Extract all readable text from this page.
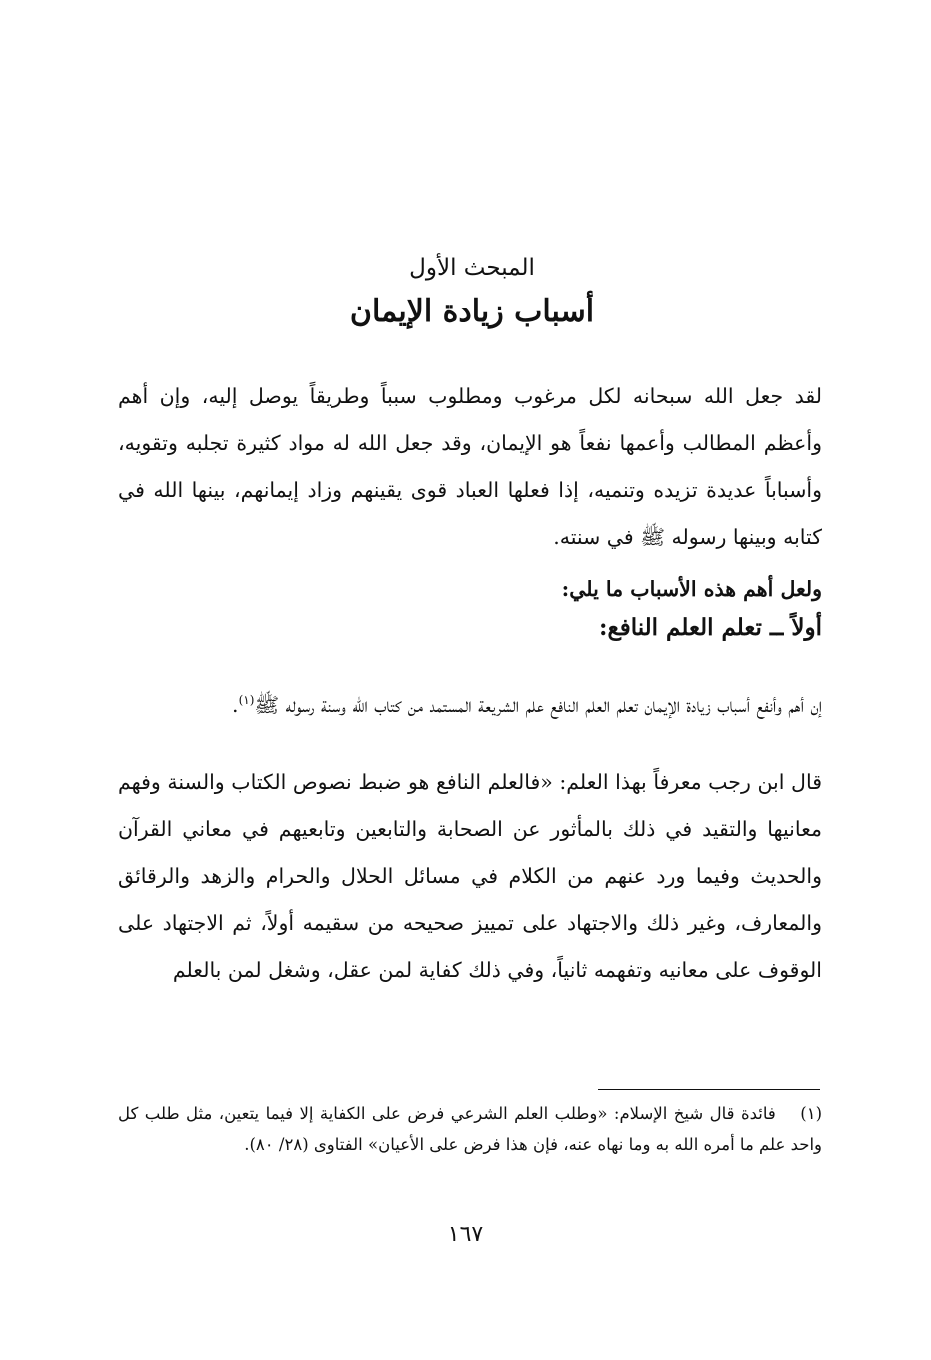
المبحث الأول
أسباب زيادة الإيمان

لقد جعل الله سبحانه لكل مرغوب ومطلوب سبباً وطريقاً يوصل إليه، وإن أهم وأعظم المطالب وأعمها نفعاً هو الإيمان، وقد جعل الله له مواد كثيرة تجلبه وتقويه، وأسباباً عديدة تزيده وتنميه، إذا فعلها العباد قوى يقينهم وزاد إيمانهم، بينها الله في كتابه وبينها رسوله ﷺ في سنته.

ولعل أهم هذه الأسباب ما يلي:

أولاً ــ تعلم العلم النافع:

إن أهم وأنفع أسباب زيادة الإيمان تعلم العلم النافع علم الشريعة المستمد من كتاب الله وسنة رسوله ﷺ$^{(١)}$.

قال ابن رجب معرفاً بهذا العلم: «فالعلم النافع هو ضبط نصوص الكتاب والسنة وفهم معانيها والتقيد في ذلك بالمأثور عن الصحابة والتابعين وتابعيهم في معاني القرآن والحديث وفيما ورد عنهم من الكلام في مسائل الحلال والحرام والزهد والرقائق والمعارف، وغير ذلك والاجتهاد على تمييز صحيحه من سقيمه أولاً، ثم الاجتهاد على الوقوف على معانيه وتفهمه ثانياً، وفي ذلك كفاية لمن عقل، وشغل لمن بالعلم

(١) فائدة قال شيخ الإسلام: «وطلب العلم الشرعي فرض على الكفاية إلا فيما يتعين، مثل طلب كل واحد علم ما أمره الله به وما نهاه عنه، فإن هذا فرض على الأعيان» الفتاوى (٢٨/ ٨٠).
١٦٧
